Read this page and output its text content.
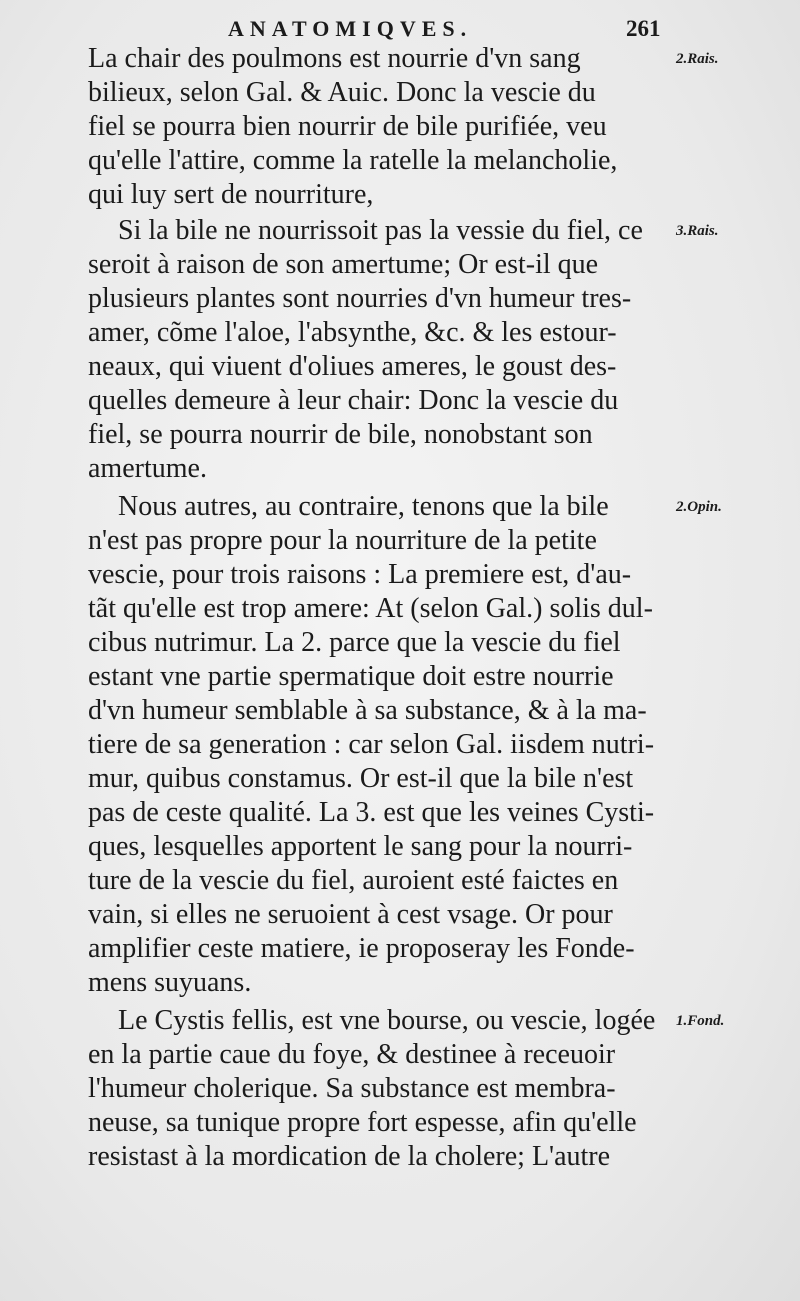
ANATOMIQVES.	261
La chair des poulmons est nourrie d'vn sang	2.Rais.
bilieux, selon Gal. & Auic. Donc la vescie du
fiel se pourra bien nourrir de bile purifiée, veu
qu'elle l'attire, comme la ratelle la melancholie,
qui luy sert de nourriture,
Si la bile ne nourrissoit pas la vessie du fiel, ce	3.Rais.
seroit à raison de son amertume; Or est-il que
plusieurs plantes sont nourries d'vn humeur tres-
amer, cõme l'aloe, l'absynthe, &c. & les estour-
neaux, qui viuent d'oliues ameres, le goust des-
quelles demeure à leur chair: Donc la vescie du
fiel, se pourra nourrir de bile, nonobstant son
amertume.
Nous autres, au contraire, tenons que la bile	2.Opin.
n'est pas propre pour la nourriture de la petite
vescie, pour trois raisons : La premiere est, d'au-
tãt qu'elle est trop amere: At (selon Gal.) solis dul-
cibus nutrimur. La 2. parce que la vescie du fiel
estant vne partie spermatique doit estre nourrie
d'vn humeur semblable à sa substance, & à la ma-
tiere de sa generation : car selon Gal. iisdem nutri-
mur, quibus constamus. Or est-il que la bile n'est
pas de ceste qualité. La 3. est que les veines Cysti-
ques, lesquelles apportent le sang pour la nourri-
ture de la vescie du fiel, auroient esté faictes en
vain, si elles ne seruoient à cest vsage. Or pour
amplifier ceste matiere, ie proposeray les Fonde-
mens suyuans.
Le Cystis fellis, est vne bourse, ou vescie, logée	1.Fond.
en la partie caue du foye, & destinee à receuoir
l'humeur cholerique. Sa substance est membra-
neuse, sa tunique propre fort espesse, afin qu'elle
resistast à la mordication de la cholere; L'autre
